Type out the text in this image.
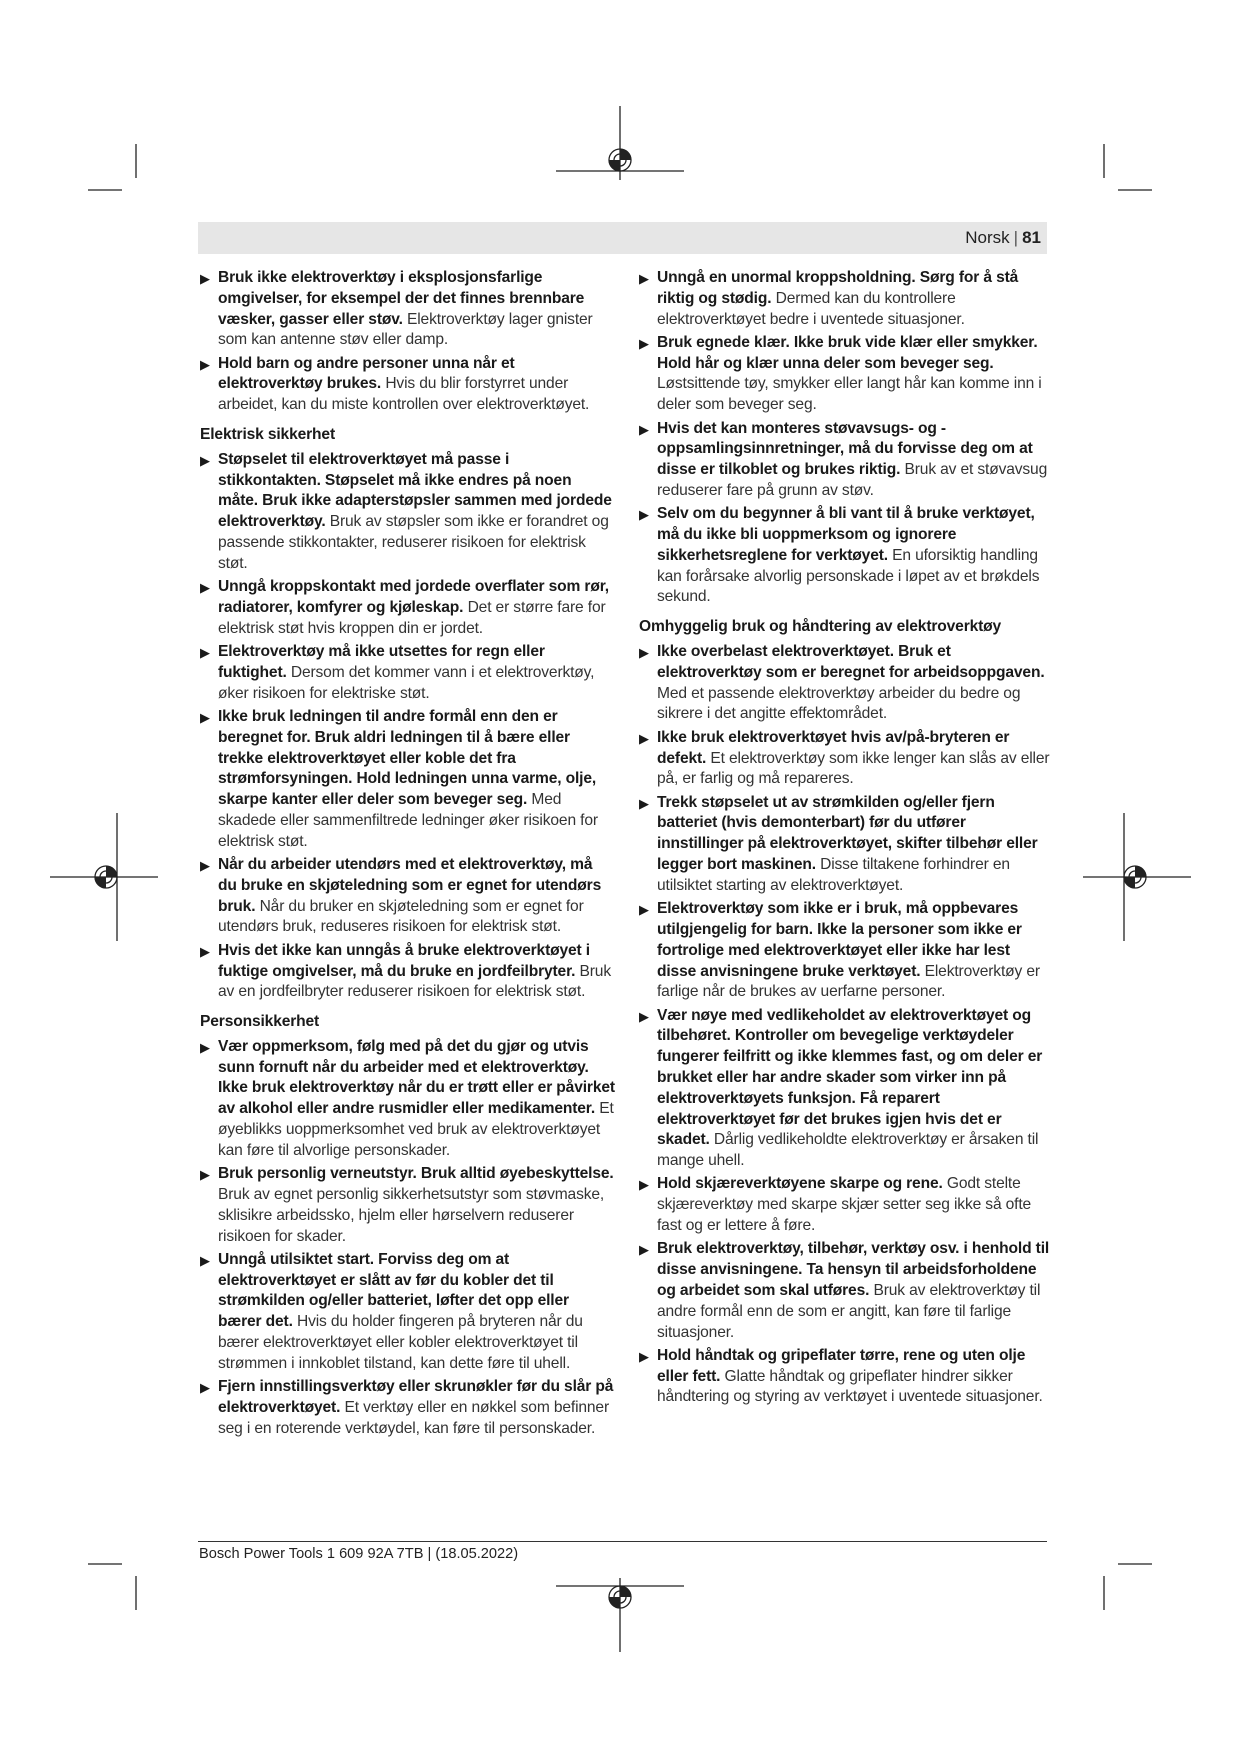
Norsk | 81
▶ Bruk ikke elektroverktøy i eksplosjonsfarlige omgivelser, for eksempel der det finnes brennbare væsker, gasser eller støv. Elektroverktøy lager gnister som kan antenne støv eller damp.
▶ Hold barn og andre personer unna når et elektroverktøy brukes. Hvis du blir forstyrret under arbeidet, kan du miste kontrollen over elektroverktøyet.
Elektrisk sikkerhet
▶ Støpselet til elektroverktøyet må passe i stikkontakten. Støpselet må ikke endres på noen måte. Bruk ikke adapterstøpsler sammen med jordede elektroverktøy. Bruk av støpsler som ikke er forandret og passende stikkontakter, reduserer risikoen for elektrisk støt.
▶ Unngå kroppskontakt med jordede overflater som rør, radiatorer, komfyrer og kjøleskap. Det er større fare for elektrisk støt hvis kroppen din er jordet.
▶ Elektroverktøy må ikke utsettes for regn eller fuktighet. Dersom det kommer vann i et elektroverktøy, øker risikoen for elektriske støt.
▶ Ikke bruk ledningen til andre formål enn den er beregnet for. Bruk aldri ledningen til å bære eller trekke elektroverktøyet eller koble det fra strømforsyningen. Hold ledningen unna varme, olje, skarpe kanter eller deler som beveger seg. Med skadede eller sammenfiltrede ledninger øker risikoen for elektrisk støt.
▶ Når du arbeider utendørs med et elektroverktøy, må du bruke en skjøteledning som er egnet for utendørs bruk. Når du bruker en skjøteledning som er egnet for utendørs bruk, reduseres risikoen for elektrisk støt.
▶ Hvis det ikke kan unngås å bruke elektroverktøyet i fuktige omgivelser, må du bruke en jordfeilbryter. Bruk av en jordfeilbryter reduserer risikoen for elektrisk støt.
Personsikkerhet
▶ Vær oppmerksom, følg med på det du gjør og utvis sunn fornuft når du arbeider med et elektroverktøy. Ikke bruk elektroverktøy når du er trøtt eller er påvirket av alkohol eller andre rusmidler eller medikamenter. Et øyeblikks uoppmerksomhet ved bruk av elektroverktøyet kan føre til alvorlige personskader.
▶ Bruk personlig verneutstyr. Bruk alltid øyebeskyttelse. Bruk av egnet personlig sikkerhetsutstyr som støvmaske, sklisikre arbeidssko, hjelm eller hørselvern reduserer risikoen for skader.
▶ Unngå utilsiktet start. Forviss deg om at elektroverktøyet er slått av før du kobler det til strømkilden og/eller batteriet, løfter det opp eller bærer det. Hvis du holder fingeren på bryteren når du bærer elektroverktøyet eller kobler elektroverktøyet til strømmen i innkoblet tilstand, kan dette føre til uhell.
▶ Fjern innstillingsverktøy eller skrunøkler før du slår på elektroverktøyet. Et verktøy eller en nøkkel som befinner seg i en roterende verktøydel, kan føre til personskader.
▶ Unngå en unormal kroppsholdning. Sørg for å stå riktig og stødig. Dermed kan du kontrollere elektroverktøyet bedre i uventede situasjoner.
▶ Bruk egnede klær. Ikke bruk vide klær eller smykker. Hold hår og klær unna deler som beveger seg. Løstsittende tøy, smykker eller langt hår kan komme inn i deler som beveger seg.
▶ Hvis det kan monteres støvavsugs- og -oppsamlingsinnretninger, må du forvisse deg om at disse er tilkoblet og brukes riktig. Bruk av et støvavsug reduserer fare på grunn av støv.
▶ Selv om du begynner å bli vant til å bruke verktøyet, må du ikke bli uoppmerksom og ignorere sikkerhetsreglene for verktøyet. En uforsiktig handling kan forårsake alvorlig personskade i løpet av et brøkdels sekund.
Omhyggelig bruk og håndtering av elektroverktøy
▶ Ikke overbelast elektroverktøyet. Bruk et elektroverktøy som er beregnet for arbeidsoppgaven. Med et passende elektroverktøy arbeider du bedre og sikrere i det angitte effektområdet.
▶ Ikke bruk elektroverktøyet hvis av/på-bryteren er defekt. Et elektroverktøy som ikke lenger kan slås av eller på, er farlig og må repareres.
▶ Trekk støpselet ut av strømkilden og/eller fjern batteriet (hvis demonterbart) før du utfører innstillinger på elektroverktøyet, skifter tilbehør eller legger bort maskinen. Disse tiltakene forhindrer en utilsiktet starting av elektroverktøyet.
▶ Elektroverktøy som ikke er i bruk, må oppbevares utilgjengelig for barn. Ikke la personer som ikke er fortrolige med elektroverktøyet eller ikke har lest disse anvisningene bruke verktøyet. Elektroverktøy er farlige når de brukes av uerfarne personer.
▶ Vær nøye med vedlikeholdet av elektroverktøyet og tilbehøret. Kontroller om bevegelige verktøydeler fungerer feilfritt og ikke klemmes fast, og om deler er brukket eller har andre skader som virker inn på elektroverktøyets funksjon. Få reparert elektroverktøyet før det brukes igjen hvis det er skadet. Dårlig vedlikeholdte elektroverktøy er årsaken til mange uhell.
▶ Hold skjæreverktøyene skarpe og rene. Godt stelte skjæreverktøy med skarpe skjær setter seg ikke så ofte fast og er lettere å føre.
▶ Bruk elektroverktøy, tilbehør, verktøy osv. i henhold til disse anvisningene. Ta hensyn til arbeidsforholdene og arbeidet som skal utføres. Bruk av elektroverktøy til andre formål enn de som er angitt, kan føre til farlige situasjoner.
▶ Hold håndtak og gripeflater tørre, rene og uten olje eller fett. Glatte håndtak og gripeflater hindrer sikker håndtering og styring av verktøyet i uventede situasjoner.
Bosch Power Tools 1 609 92A 7TB | (18.05.2022)
